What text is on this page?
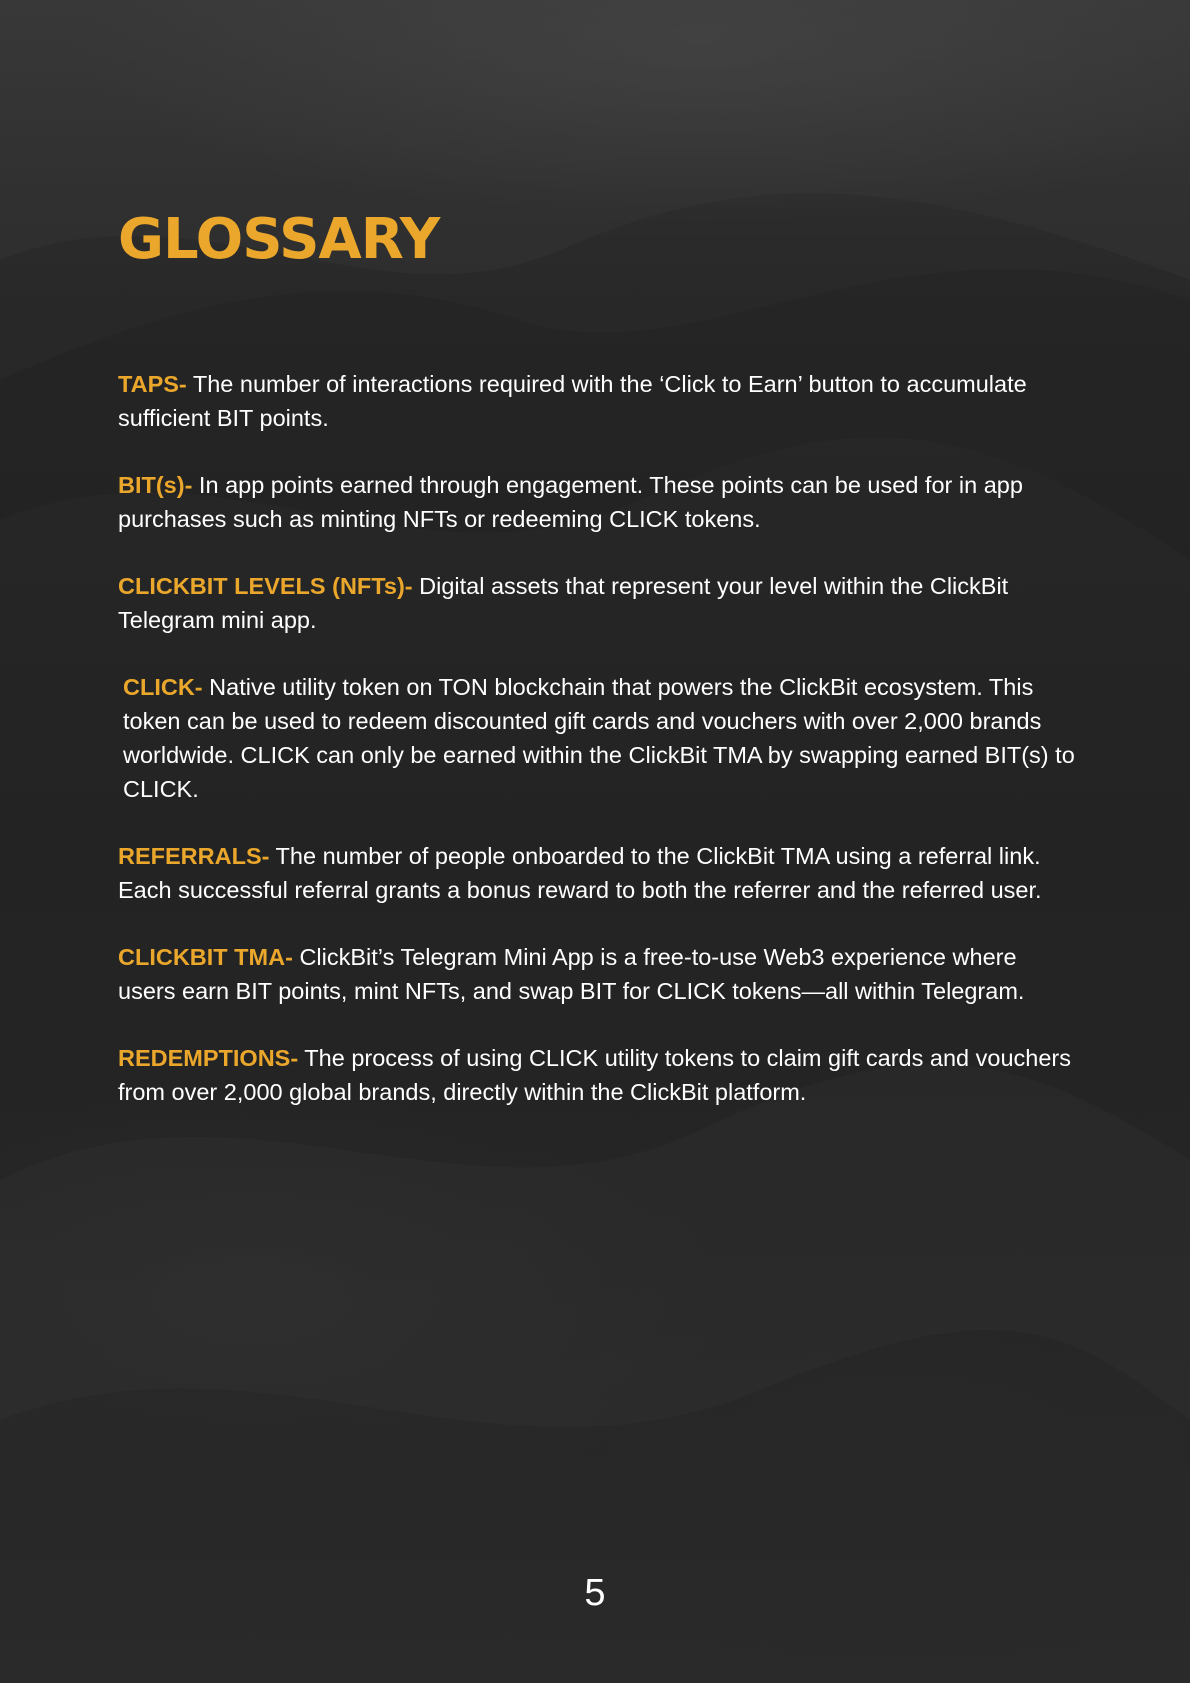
GLOSSARY

TAPS- The number of interactions required with the ‘Click to Earn’ button to accumulate sufficient BIT points.

BIT(s)- In app points earned through engagement. These points can be used for in app purchases such as minting NFTs or redeeming CLICK tokens.

CLICKBIT LEVELS (NFTs)- Digital assets that represent your level within the ClickBit Telegram mini app.

CLICK- Native utility token on TON blockchain that powers the ClickBit ecosystem. This token can be used to redeem discounted gift cards and vouchers with over 2,000 brands worldwide. CLICK can only be earned within the ClickBit TMA by swapping earned BIT(s) to CLICK.

REFERRALS- The number of people onboarded to the ClickBit TMA using a referral link. Each successful referral grants a bonus reward to both the referrer and the referred user.

CLICKBIT TMA- ClickBit’s Telegram Mini App is a free-to-use Web3 experience where users earn BIT points, mint NFTs, and swap BIT for CLICK tokens—all within Telegram.

REDEMPTIONS- The process of using CLICK utility tokens to claim gift cards and vouchers from over 2,000 global brands, directly within the ClickBit platform.

5
